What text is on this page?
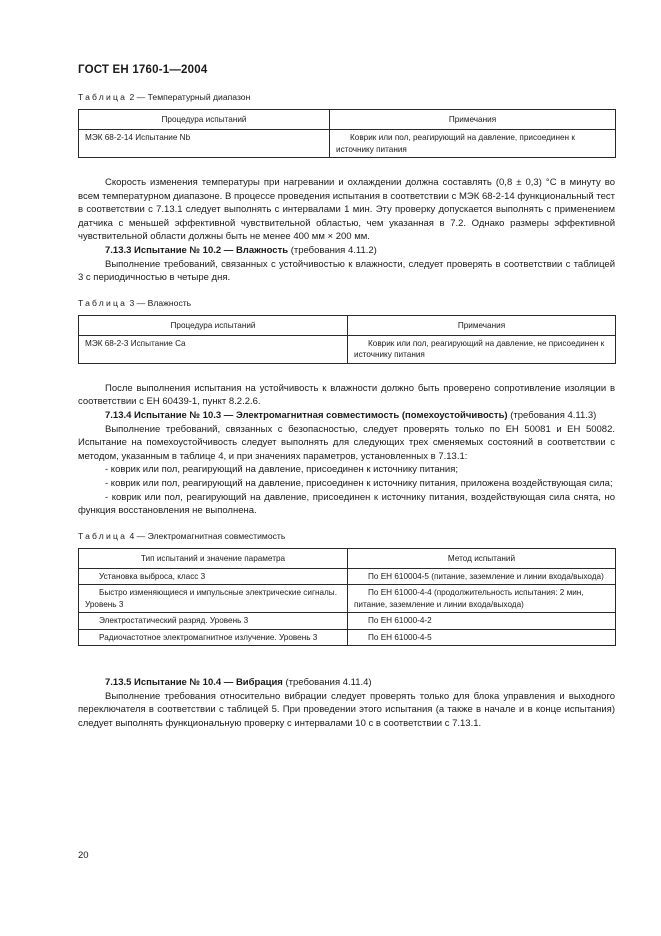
ГОСТ ЕН 1760-1—2004
Таблица 2 — Температурный диапазон
Процедура испытаний	Примечания
МЭК 68-2-14 Испытание Nb	Коврик или пол, реагирующий на давление, присоединен к источнику питания

Скорость изменения температуры при нагревании и охлаждении должна составлять (0,8 ± 0,3) °C в минуту во всем температурном диапазоне. В процессе проведения испытания в соответствии с МЭК 68-2-14 функциональный тест в соответствии с 7.13.1 следует выполнять с интервалами 1 мин. Эту проверку допускается выполнять с применением датчика с меньшей эффективной чувствительной областью, чем указанная в 7.2. Однако размеры эффективной чувствительной области должны быть не менее 400 мм × 200 мм.

7.13.3 Испытание № 10.2 — Влажность (требования 4.11.2)

Выполнение требований, связанных с устойчивостью к влажности, следует проверять в соответствии с таблицей 3 с периодичностью в четыре дня.

Таблица 3 — Влажность
Процедура испытаний	Примечания
МЭК 68-2-3 Испытание Ca	Коврик или пол, реагирующий на давление, не присоединен к источнику питания

После выполнения испытания на устойчивость к влажности должно быть проверено сопротивление изоляции в соответствии с ЕН 60439-1, пункт 8.2.2.6.

7.13.4 Испытание № 10.3 — Электромагнитная совместимость (помехоустойчивость) (требования 4.11.3)

Выполнение требований, связанных с безопасностью, следует проверять только по ЕН 50081 и ЕН 50082. Испытание на помехоустойчивость следует выполнять для следующих трех сменяемых состояний в соответствии с методом, указанным в таблице 4, и при значениях параметров, установленных в 7.13.1:

- коврик или пол, реагирующий на давление, присоединен к источнику питания;

- коврик или пол, реагирующий на давление, присоединен к источнику питания, приложена воздействующая сила;

- коврик или пол, реагирующий на давление, присоединен к источнику питания, воздействующая сила снята, но функция восстановления не выполнена.

Таблица 4 — Электромагнитная совместимость
Тип испытаний и значение параметра	Метод испытаний
Установка выброса, класс 3	По ЕН 610004-5 (питание, заземление и линии входа/выхода)
Быстро изменяющиеся и импульсные электрические сигналы. Уровень 3	По ЕН 61000-4-4 (продолжительность испытания: 2 мин, питание, заземление и линии входа/выхода)
Электростатический разряд. Уровень 3	По ЕН 61000-4-2
Радиочастотное электромагнитное излучение. Уровень 3	По ЕН 61000-4-5

7.13.5 Испытание № 10.4 — Вибрация (требования 4.11.4)

Выполнение требования относительно вибрации следует проверять только для блока управления и выходного переключателя в соответствии с таблицей 5. При проведении этого испытания (а также в начале и в конце испытания) следует выполнять функциональную проверку с интервалами 10 с в соответствии с 7.13.1.

20
